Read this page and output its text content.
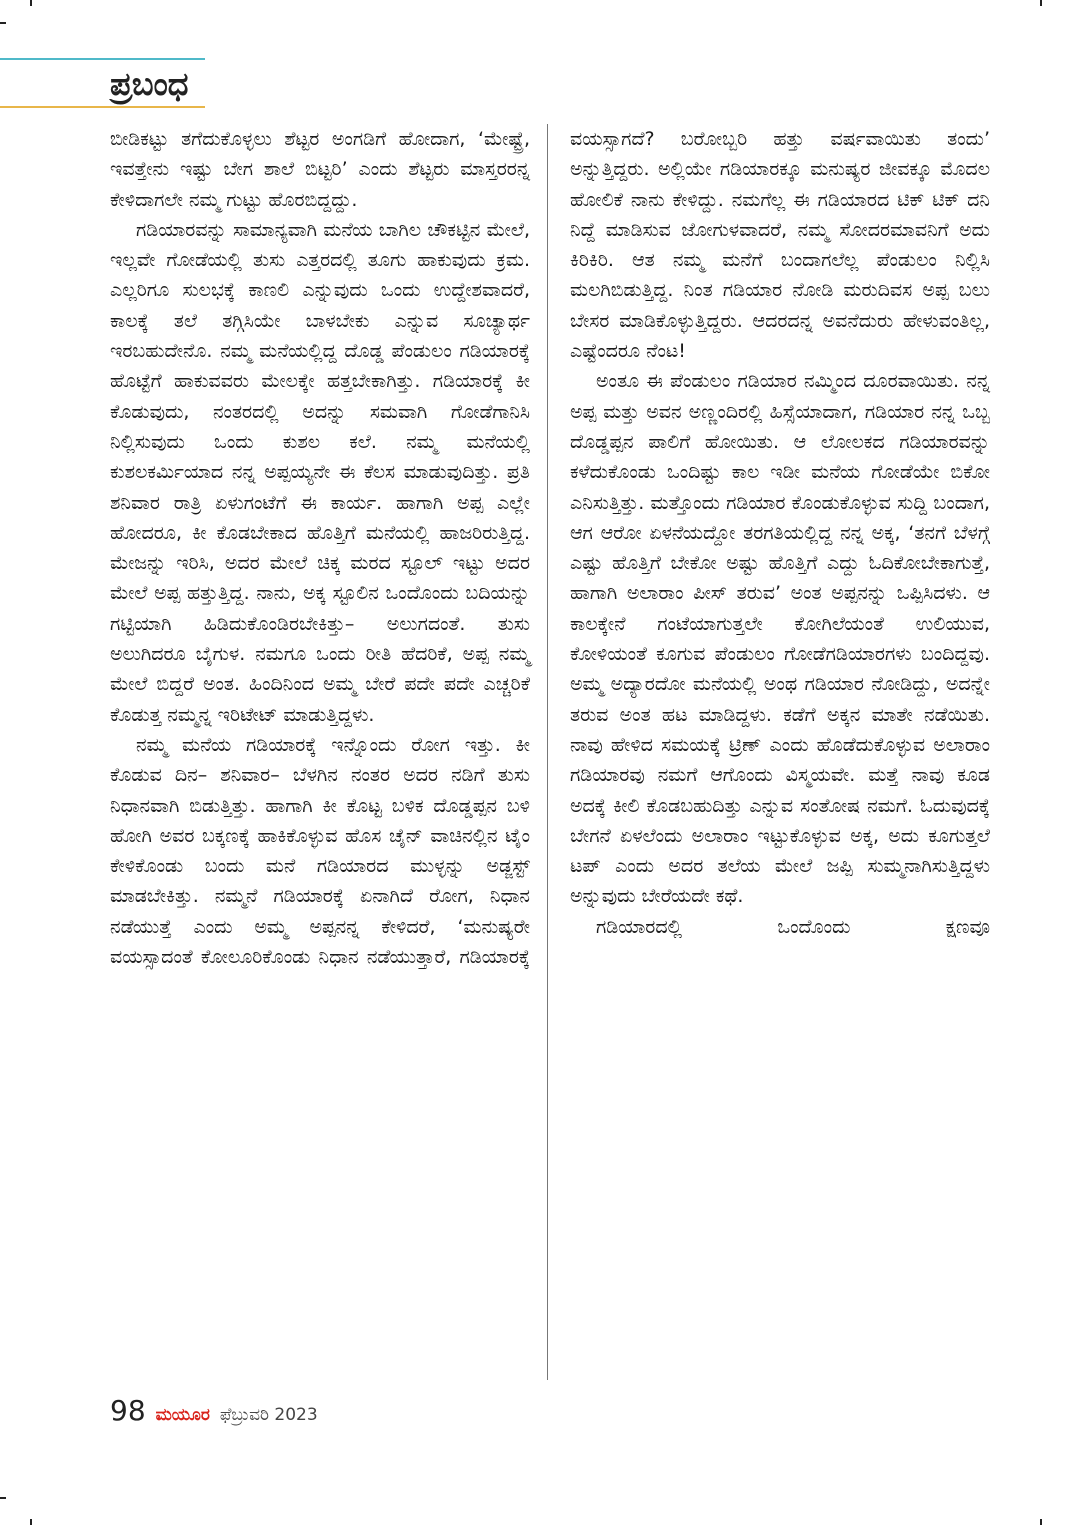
ಪ್ರಬಂಧ

ಬೀಡಿಕಟ್ಟು ತಗೆದುಕೊಳ್ಳಲು ಶೆಟ್ಟರ ಅಂಗಡಿಗೆ ಹೋದಾಗ, ‘ಮೇಷ್ಟ್ರೆ, ಇವತ್ತೇನು ಇಷ್ಟು ಬೇಗ ಶಾಲೆ ಬಿಟ್ಟರಿ’ ಎಂದು ಶೆಟ್ಟರು ಮಾಸ್ತರರನ್ನ ಕೇಳಿದಾಗಲೇ ನಮ್ಮ ಗುಟ್ಟು ಹೊರಬಿದ್ದದ್ದು.

ಗಡಿಯಾರವನ್ನು ಸಾಮಾನ್ಯವಾಗಿ ಮನೆಯ ಬಾಗಿಲ ಚೌಕಟ್ಟಿನ ಮೇಲೆ, ಇಲ್ಲವೇ ಗೋಡೆಯಲ್ಲಿ ತುಸು ಎತ್ತರದಲ್ಲಿ ತೂಗು ಹಾಕುವುದು ಕ್ರಮ. ಎಲ್ಲರಿಗೂ ಸುಲಭಕ್ಕೆ ಕಾಣಲಿ ಎನ್ನುವುದು ಒಂದು ಉದ್ದೇಶವಾದರೆ, ಕಾಲಕ್ಕೆ ತಲೆ ತಗ್ಗಿಸಿಯೇ ಬಾಳಬೇಕು ಎನ್ನುವ ಸೂಚ್ಯಾರ್ಥ ಇರಬಹುದೇನೊ. ನಮ್ಮ ಮನೆಯಲ್ಲಿದ್ದ ದೊಡ್ಡ ಪೆಂಡುಲಂ ಗಡಿಯಾರಕ್ಕೆ ಹೊಟ್ಟೆಗೆ ಹಾಕುವವರು ಮೇಲಕ್ಕೇ ಹತ್ತಬೇಕಾಗಿತ್ತು. ಗಡಿಯಾರಕ್ಕೆ ಕೀ ಕೊಡುವುದು, ನಂತರದಲ್ಲಿ ಅದನ್ನು ಸಮವಾಗಿ ಗೋಡೆಗಾನಿಸಿ ನಿಲ್ಲಿಸುವುದು ಒಂದು ಕುಶಲ ಕಲೆ. ನಮ್ಮ ಮನೆಯಲ್ಲಿ ಕುಶಲಕರ್ಮಿಯಾದ ನನ್ನ ಅಪ್ಪಯ್ಯನೇ ಈ ಕೆಲಸ ಮಾಡುವುದಿತ್ತು. ಪ್ರತಿ ಶನಿವಾರ ರಾತ್ರಿ ಏಳುಗಂಟೆಗೆ ಈ ಕಾರ್ಯ. ಹಾಗಾಗಿ ಅಪ್ಪ ಎಲ್ಲೇ ಹೋದರೂ, ಕೀ ಕೊಡಬೇಕಾದ ಹೊತ್ತಿಗೆ ಮನೆಯಲ್ಲಿ ಹಾಜರಿರುತ್ತಿದ್ದ. ಮೇಜನ್ನು ಇರಿಸಿ, ಅದರ ಮೇಲೆ ಚಿಕ್ಕ ಮರದ ಸ್ಟೂಲ್ ಇಟ್ಟು ಅದರ ಮೇಲೆ ಅಪ್ಪ ಹತ್ತುತ್ತಿದ್ದ. ನಾನು, ಅಕ್ಕ ಸ್ಟೂಲಿನ ಒಂದೊಂದು ಬದಿಯನ್ನು ಗಟ್ಟಿಯಾಗಿ ಹಿಡಿದುಕೊಂಡಿರಬೇಕಿತ್ತು– ಅಲುಗದಂತೆ. ತುಸು ಅಲುಗಿದರೂ ಬೈಗುಳ. ನಮಗೂ ಒಂದು ರೀತಿ ಹೆದರಿಕೆ, ಅಪ್ಪ ನಮ್ಮ ಮೇಲೆ ಬಿದ್ದರೆ ಅಂತ. ಹಿಂದಿನಿಂದ ಅಮ್ಮ ಬೇರೆ ಪದೇ ಪದೇ ಎಚ್ಚರಿಕೆ ಕೊಡುತ್ತ ನಮ್ಮನ್ನ ಇರಿಟೇಟ್ ಮಾಡುತ್ತಿದ್ದಳು.

ನಮ್ಮ ಮನೆಯ ಗಡಿಯಾರಕ್ಕೆ ಇನ್ನೊಂದು ರೋಗ ಇತ್ತು. ಕೀ ಕೊಡುವ ದಿನ– ಶನಿವಾರ– ಬೆಳಗಿನ ನಂತರ ಅದರ ನಡಿಗೆ ತುಸು ನಿಧಾನವಾಗಿ ಬಿಡುತ್ತಿತ್ತು. ಹಾಗಾಗಿ ಕೀ ಕೊಟ್ಟ ಬಳಿಕ ದೊಡ್ಡಪ್ಪನ ಬಳಿ ಹೋಗಿ ಅವರ ಬಕ್ಕಣಕ್ಕೆ ಹಾಕಿಕೊಳ್ಳುವ ಹೊಸ ಚೈನ್ ವಾಚಿನಲ್ಲಿನ ಟೈಂ ಕೇಳಿಕೊಂಡು ಬಂದು ಮನೆ ಗಡಿಯಾರದ ಮುಳ್ಳನ್ನು ಅಡ್ಜಸ್ಟ್ ಮಾಡಬೇಕಿತ್ತು. ನಮ್ಮನೆ ಗಡಿಯಾರಕ್ಕೆ ಏನಾಗಿದೆ ರೋಗ, ನಿಧಾನ ನಡೆಯುತ್ತೆ ಎಂದು ಅಮ್ಮ ಅಪ್ಪನನ್ನ ಕೇಳಿದರೆ, ‘ಮನುಷ್ಯರೇ ವಯಸ್ಸಾದಂತೆ ಕೋಲೂರಿಕೊಂಡು ನಿಧಾನ ನಡೆಯುತ್ತಾರೆ, ಗಡಿಯಾರಕ್ಕೆ

ವಯಸ್ಸಾಗದೆ? ಬರೋಬ್ಬರಿ ಹತ್ತು ವರ್ಷವಾಯಿತು ತಂದು’ ಅನ್ನುತ್ತಿದ್ದರು. ಅಲ್ಲಿಯೇ ಗಡಿಯಾರಕ್ಕೂ ಮನುಷ್ಯರ ಜೀವಕ್ಕೂ ಮೊದಲ ಹೋಲಿಕೆ ನಾನು ಕೇಳಿದ್ದು. ನಮಗೆಲ್ಲ ಈ ಗಡಿಯಾರದ ಟಿಕ್ ಟಿಕ್ ದನಿ ನಿದ್ದೆ ಮಾಡಿಸುವ ಜೋಗುಳವಾದರೆ, ನಮ್ಮ ಸೋದರಮಾವನಿಗೆ ಅದು ಕಿರಿಕಿರಿ. ಆತ ನಮ್ಮ ಮನೆಗೆ ಬಂದಾಗಲೆಲ್ಲ ಪೆಂಡುಲಂ ನಿಲ್ಲಿಸಿ ಮಲಗಿಬಿಡುತ್ತಿದ್ದ. ನಿಂತ ಗಡಿಯಾರ ನೋಡಿ ಮರುದಿವಸ ಅಪ್ಪ ಬಲು ಬೇಸರ ಮಾಡಿಕೊಳ್ಳುತ್ತಿದ್ದರು. ಆದರದನ್ನ ಅವನೆದುರು ಹೇಳುವಂತಿಲ್ಲ, ಎಷ್ಟೆಂದರೂ ನೆಂಟ!

ಅಂತೂ ಈ ಪೆಂಡುಲಂ ಗಡಿಯಾರ ನಮ್ಮಿಂದ ದೂರವಾಯಿತು. ನನ್ನ ಅಪ್ಪ ಮತ್ತು ಅವನ ಅಣ್ಣಂದಿರಲ್ಲಿ ಹಿಸ್ಸೆಯಾದಾಗ, ಗಡಿಯಾರ ನನ್ನ ಒಬ್ಬ ದೊಡ್ಡಪ್ಪನ ಪಾಲಿಗೆ ಹೋಯಿತು. ಆ ಲೋಲಕದ ಗಡಿಯಾರವನ್ನು ಕಳೆದುಕೊಂಡು ಒಂದಿಷ್ಟು ಕಾಲ ಇಡೀ ಮನೆಯ ಗೋಡೆಯೇ ಬಿಕೋ ಎನಿಸುತ್ತಿತ್ತು. ಮತ್ತೊಂದು ಗಡಿಯಾರ ಕೊಂಡುಕೊಳ್ಳುವ ಸುದ್ದಿ ಬಂದಾಗ, ಆಗ ಆರೋ ಏಳನೆಯದ್ದೋ ತರಗತಿಯಲ್ಲಿದ್ದ ನನ್ನ ಅಕ್ಕ, ‘ತನಗೆ ಬೆಳಗ್ಗೆ ಎಷ್ಟು ಹೊತ್ತಿಗೆ ಬೇಕೋ ಅಷ್ಟು ಹೊತ್ತಿಗೆ ಎದ್ದು ಓದಿಕೋಬೇಕಾಗುತ್ತೆ, ಹಾಗಾಗಿ ಅಲಾರಾಂ ಪೀಸ್ ತರುವ’ ಅಂತ ಅಪ್ಪನನ್ನು ಒಪ್ಪಿಸಿದಳು. ಆ ಕಾಲಕ್ಕೇನೆ ಗಂಟೆಯಾಗುತ್ತಲೇ ಕೋಗಿಲೆಯಂತೆ ಉಲಿಯುವ, ಕೋಳಿಯಂತೆ ಕೂಗುವ ಪೆಂಡುಲಂ ಗೋಡೆಗಡಿಯಾರಗಳು ಬಂದಿದ್ದವು. ಅಮ್ಮ ಅದ್ಯಾರದೋ ಮನೆಯಲ್ಲಿ ಅಂಥ ಗಡಿಯಾರ ನೋಡಿದ್ದು, ಅದನ್ನೇ ತರುವ ಅಂತ ಹಟ ಮಾಡಿದ್ದಳು. ಕಡೆಗೆ ಅಕ್ಕನ ಮಾತೇ ನಡೆಯಿತು. ನಾವು ಹೇಳಿದ ಸಮಯಕ್ಕೆ ಟ್ರಿಣ್ ಎಂದು ಹೊಡೆದುಕೊಳ್ಳುವ ಅಲಾರಾಂ ಗಡಿಯಾರವು ನಮಗೆ ಆಗೊಂದು ವಿಸ್ಮಯವೇ. ಮತ್ತೆ ನಾವು ಕೂಡ ಅದಕ್ಕೆ ಕೀಲಿ ಕೊಡಬಹುದಿತ್ತು ಎನ್ನುವ ಸಂತೋಷ ನಮಗೆ. ಓದುವುದಕ್ಕೆ ಬೇಗನೆ ಏಳಲೆಂದು ಅಲಾರಾಂ ಇಟ್ಟುಕೊಳ್ಳುವ ಅಕ್ಕ, ಅದು ಕೂಗುತ್ತಲೆ ಟಪ್ ಎಂದು ಅದರ ತಲೆಯ ಮೇಲೆ ಜಪ್ಪಿ ಸುಮ್ಮನಾಗಿಸುತ್ತಿದ್ದಳು ಅನ್ನುವುದು ಬೇರೆಯದೇ ಕಥೆ.

ಗಡಿಯಾರದಲ್ಲಿ ಒಂದೊಂದು ಕ್ಷಣವೂ

98 ಮಯೂರ ಫೆಬ್ರುವರಿ 2023
